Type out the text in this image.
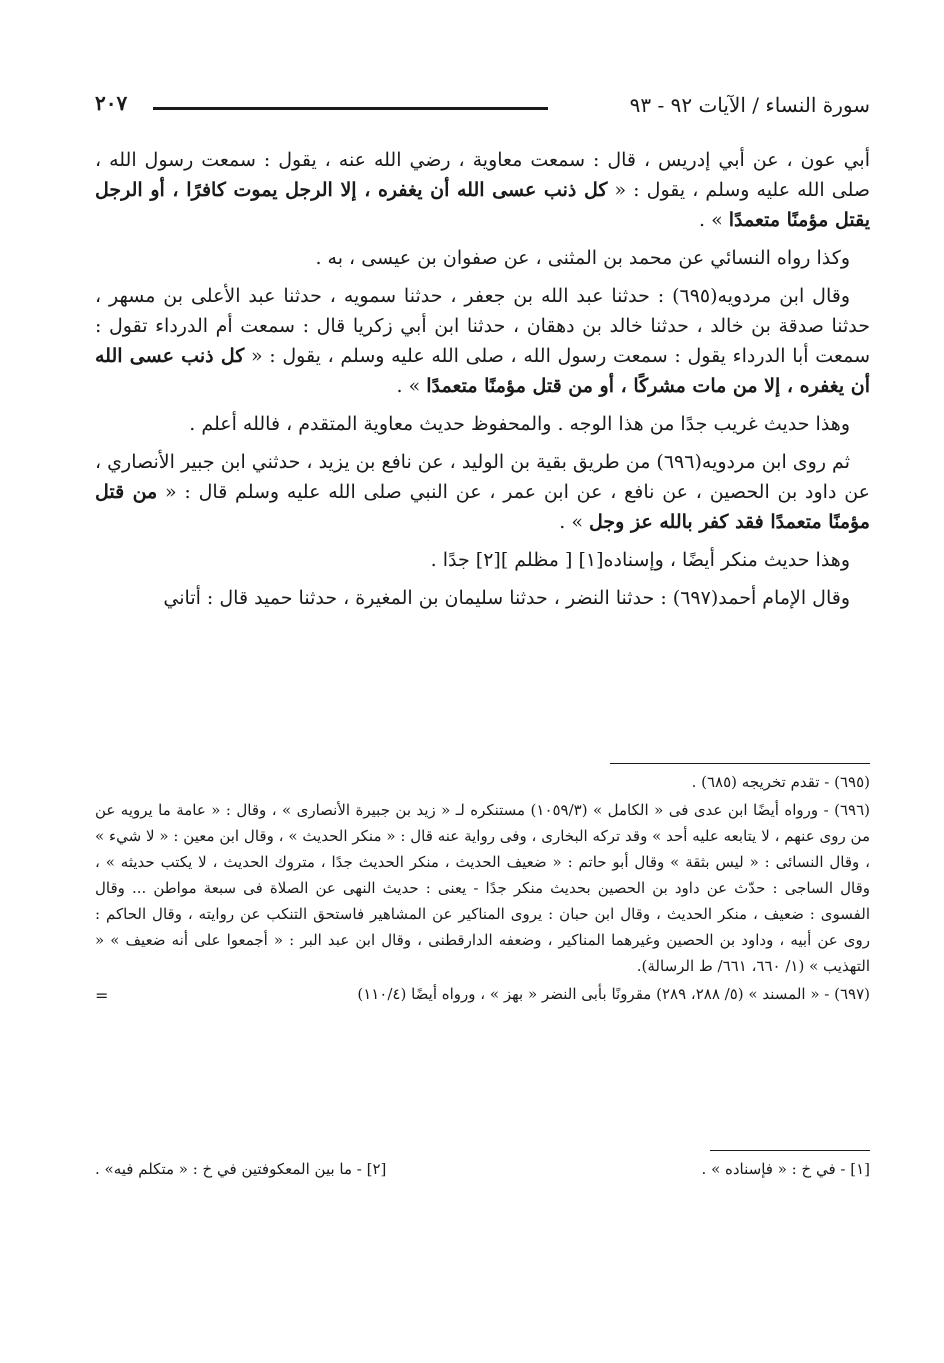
سورة النساء / الآيات ٩٢ - ٩٣
٢٠٧

أبي عون ، عن أبي إدريس ، قال : سمعت معاوية ، رضي الله عنه ، يقول : سمعت رسول الله ، صلى الله عليه وسلم ، يقول : « كل ذنب عسى الله أن يغفره ، إلا الرجل يموت كافرًا ، أو الرجل يقتل مؤمنًا متعمدًا » .

وكذا رواه النسائي عن محمد بن المثنى ، عن صفوان بن عيسى ، به .

وقال ابن مردويه(٦٩٥) : حدثنا عبد الله بن جعفر ، حدثنا سمويه ، حدثنا عبد الأعلى بن مسهر ، حدثنا صدقة بن خالد ، حدثنا خالد بن دهقان ، حدثنا ابن أبي زكريا قال : سمعت أم الدرداء تقول : سمعت أبا الدرداء يقول : سمعت رسول الله ، صلى الله عليه وسلم ، يقول : « كل ذنب عسى الله أن يغفره ، إلا من مات مشركًا ، أو من قتل مؤمنًا متعمدًا » .

وهذا حديث غريب جدًا من هذا الوجه . والمحفوظ حديث معاوية المتقدم ، فالله أعلم .

ثم روى ابن مردويه(٦٩٦) من طريق بقية بن الوليد ، عن نافع بن يزيد ، حدثني ابن جبير الأنصاري ، عن داود بن الحصين ، عن نافع ، عن ابن عمر ، عن النبي صلى الله عليه وسلم قال : « من قتل مؤمنًا متعمدًا فقد كفر بالله عز وجل » .

وهذا حديث منكر أيضًا ، وإسناده[١] [ مظلم ][٢] جدًا .

وقال الإمام أحمد(٦٩٧) : حدثنا النضر ، حدثنا سليمان بن المغيرة ، حدثنا حميد قال : أتاني

(٦٩٥) - تقدم تخريجه (٦٨٥) .

(٦٩٦) - ورواه أيضًا ابن عدى فى « الكامل » (١٠٥٩/٣) مستنكره لـ « زيد بن جبيرة الأنصارى » ، وقال : « عامة ما يرويه عن من روى عنهم ، لا يتابعه عليه أحد » وقد تركه البخارى ، وفى رواية عنه قال : « منكر الحديث » ، وقال ابن معين : « لا شيء » ، وقال النسائى : « ليس بثقة » وقال أبو حاتم : « ضعيف الحديث ، منكر الحديث جدًا ، متروك الحديث ، لا يكتب حديثه » ، وقال الساجى : حدّث عن داود بن الحصين بحديث منكر جدًا - يعنى : حديث النهى عن الصلاة فى سبعة مواطن ... وقال الفسوى : ضعيف ، منكر الحديث ، وقال ابن حبان : يروى المناكير عن المشاهير فاستحق التنكب عن روايته ، وقال الحاكم : روى عن أبيه ، وداود بن الحصين وغيرهما المناكير ، وضعفه الدارقطنى ، وقال ابن عبد البر : « أجمعوا على أنه ضعيف » « التهذيب » (١/ ٦٦٠، ٦٦١/ ط الرسالة).

(٦٩٧) - « المسند » (٥/ ٢٨٨، ٢٨٩) مقرونًا بأبى النضر « بهز » ، ورواه أيضًا (١١٠/٤)
=

[١] - في خ : « فإسناده » .
[٢] - ما بين المعكوفتين في خ : « متكلم فيه» .
